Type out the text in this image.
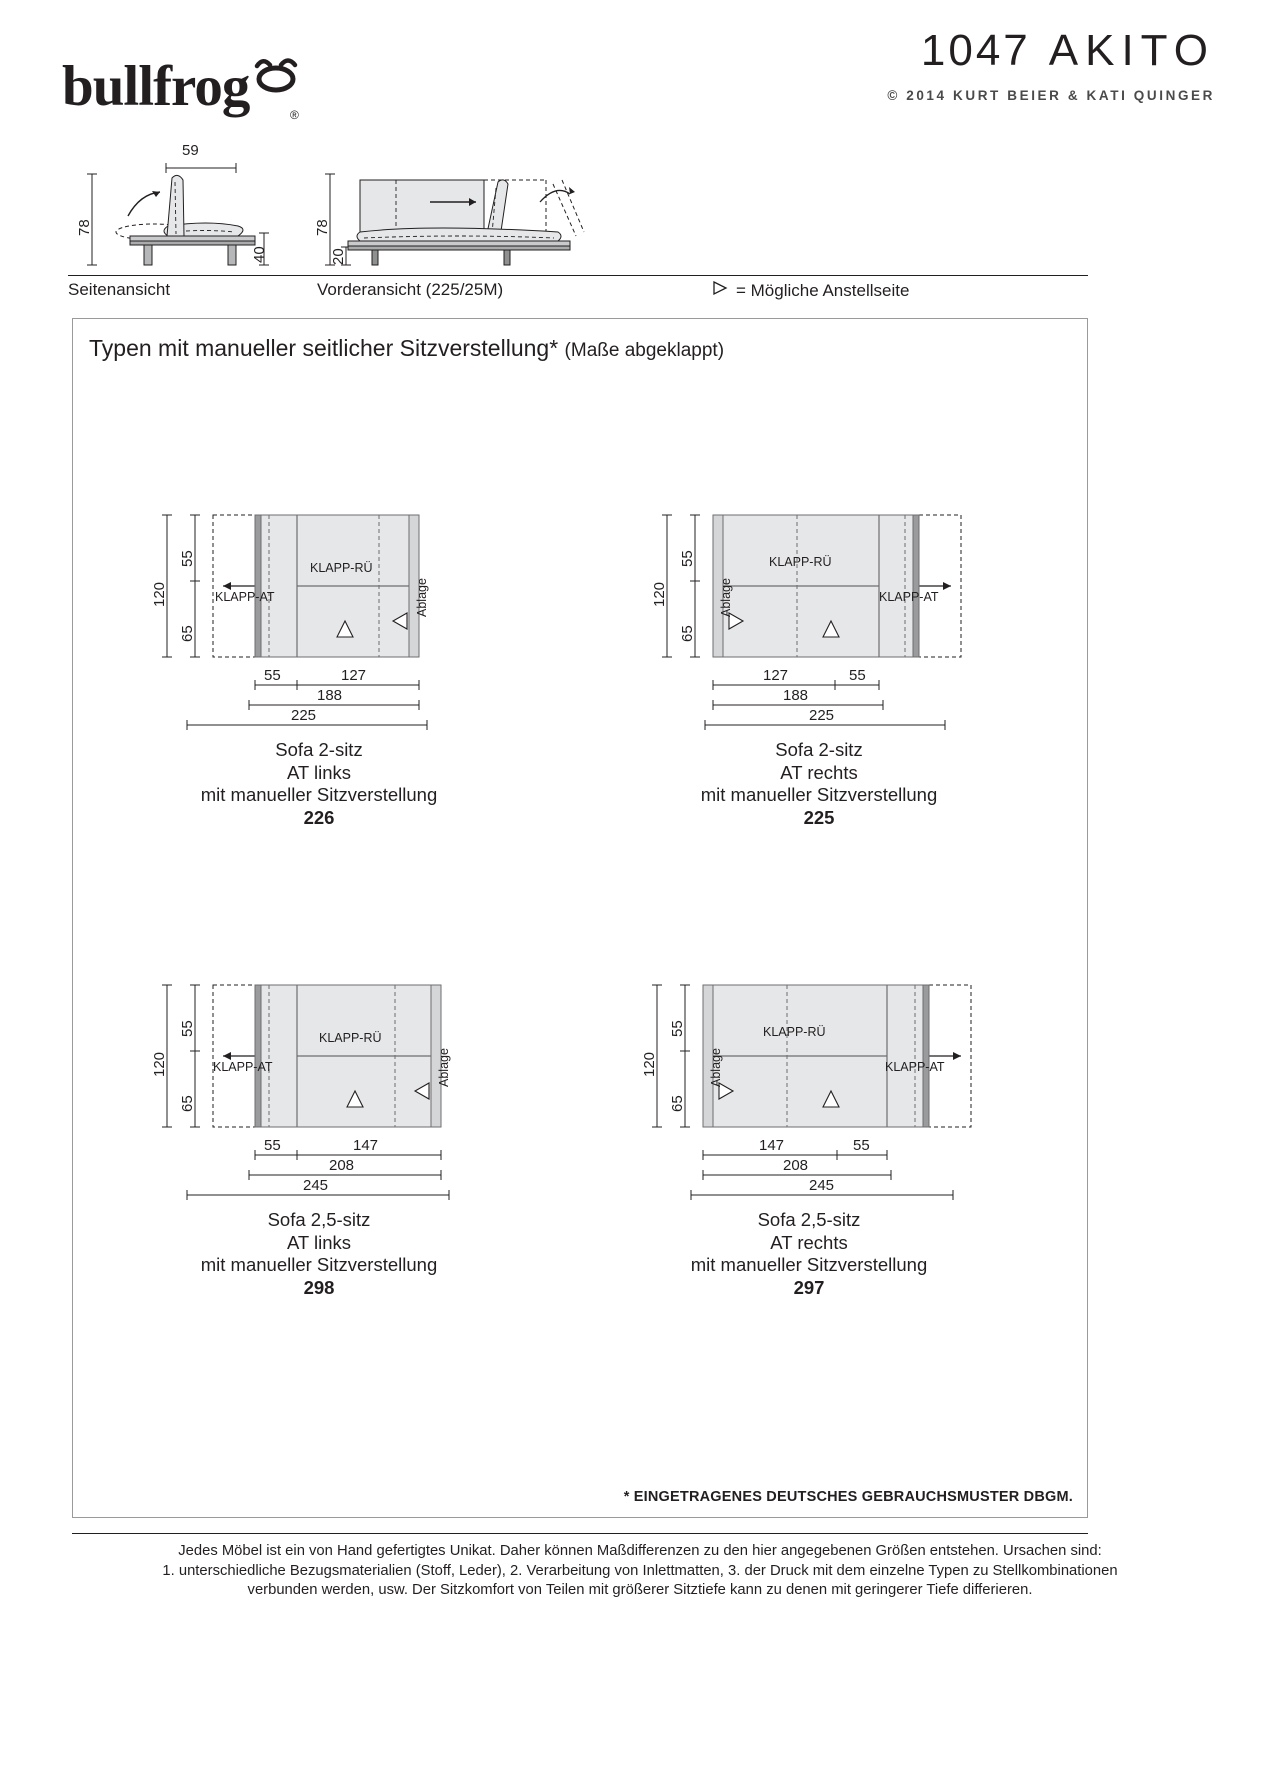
bullfrog	®
1047 AKITO
© 2014 KURT BEIER & KATI QUINGER
59
78
40
78
20
Seitenansicht	Vorderansicht (225/25M)	= Mögliche Anstellseite
Typen mit manueller seitlicher Sitzverstellung* (Maße abgeklappt)
120
55
65
55	127
188
225
KLAPP-RÜ
KLAPP-AT	Ablage
Sofa 2-sitz
AT links
mit manueller Sitzverstellung
226
120
55
65
127	55
188
225
KLAPP-RÜ
KLAPP-AT
Ablage
Sofa 2-sitz
AT rechts
mit manueller Sitzverstellung
225
120
55
65
55	147
208
245
KLAPP-RÜ
KLAPP-AT	Ablage
Sofa 2,5-sitz
AT links
mit manueller Sitzverstellung
298
120
55
65
147	55
208
245
KLAPP-RÜ
KLAPP-AT
Ablage
Sofa 2,5-sitz
AT rechts
mit manueller Sitzverstellung
297
* EINGETRAGENES DEUTSCHES GEBRAUCHSMUSTER DBGM.
Jedes Möbel ist ein von Hand gefertigtes Unikat. Daher können Maßdifferenzen zu den hier angegebenen Größen entstehen. Ursachen sind:
1. unterschiedliche Bezugsmaterialien (Stoff, Leder), 2. Verarbeitung von Inlettmatten, 3. der Druck mit dem einzelne Typen zu Stellkombinationen
verbunden werden, usw. Der Sitzkomfort von Teilen mit größerer Sitztiefe kann zu denen mit geringerer Tiefe differieren.
